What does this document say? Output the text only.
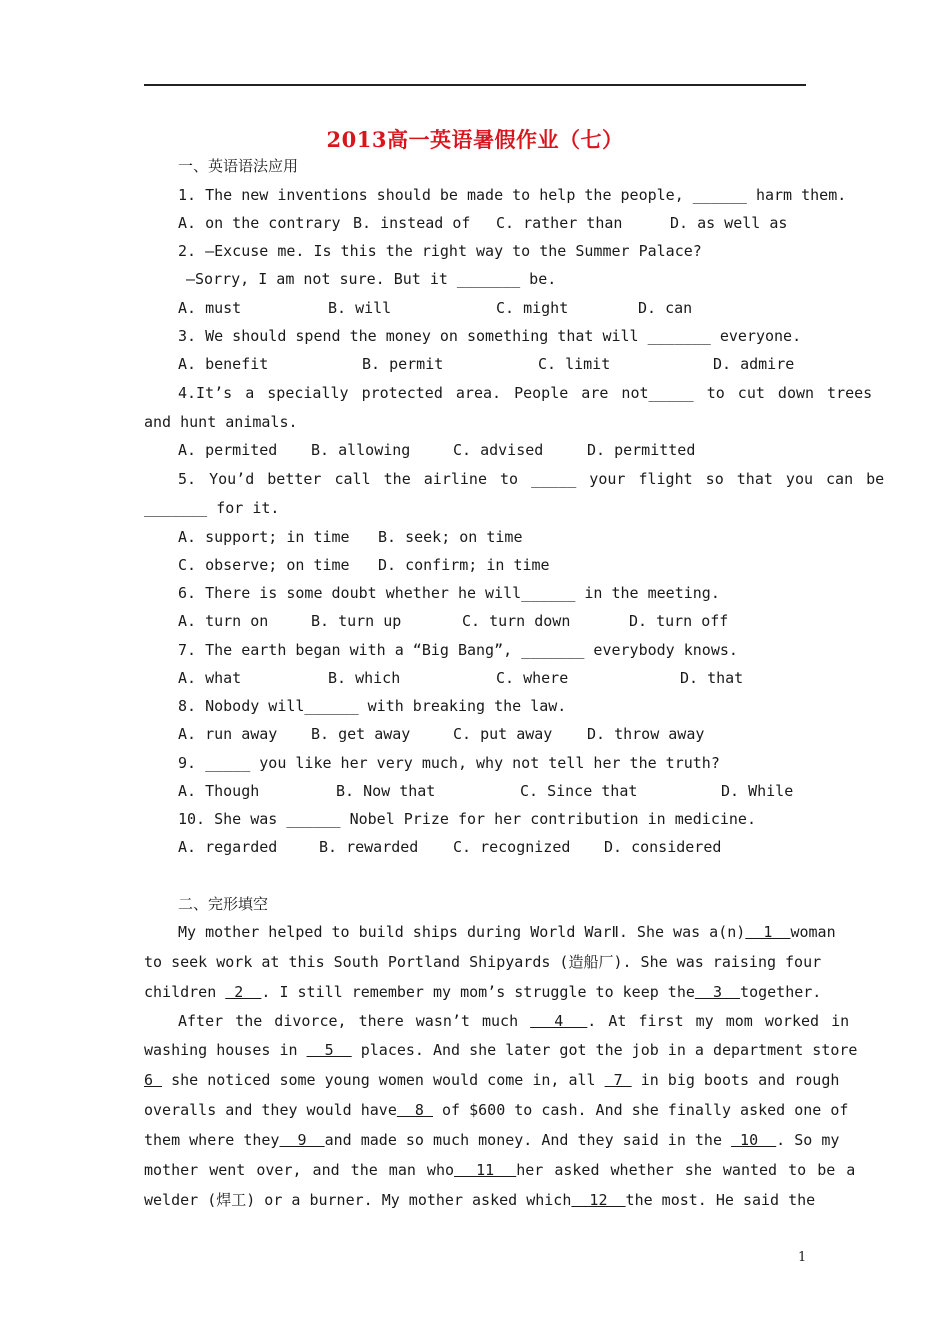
2013高一英语暑假作业（七）
一、英语语法应用
1. The new inventions should be made to help the people, ______ harm them.
A. on the contrary B. instead of C. rather than	D. as well as
2. —Excuse me. Is this the right way to the Summer Palace?
—Sorry, I am not sure. But it _______ be.
A. must	B. will	C. might	D. can
3. We should spend the money on something that will _______ everyone.
A. benefit	B. permit	C. limit	D. admire
4.It’s a specially protected area. People are not_____ to cut down trees
and hunt animals.
A. permited B. allowing	C. advised	D. permitted
5. You’d better call the airline to _____ your flight so that you can be
_______ for it.
A. support; in time B. seek; on time
C. observe; on time D. confirm; in time
6. There is some doubt whether he will______ in the meeting.
A. turn on	B. turn up	C. turn down	D. turn off
7. The earth began with a “Big Bang”, _______ everybody knows.
A. what	B. which	C. where	D. that
8. Nobody will______ with breaking the law.
A. run away B. get away	C. put away D. throw away
9. _____ you like her very much, why not tell her the truth?
A. Though	B. Now that	C. Since that	D. While
10. She was ______ Nobel Prize for her contribution in medicine.
A. regarded	B. rewarded C. recognized D. considered
二、完形填空
My mother helped to build ships during World WarⅡ. She was a(n)  1  woman
to seek work at this South Portland Shipyards (造船厂). She was raising four
children  2  . I still remember my mom’s struggle to keep the  3  together.
After the divorce, there wasn’t much   4  . At first my mom worked in
washing houses in   5   places. And she later got the job in a department store
6  she noticed some young women would come in, all  7  in big boots and rough
overalls and they would have  8  of $600 to cash. And she finally asked one of
them where they  9  and made so much money. And they said in the  10  . So my
mother went over, and the man who  11  her asked whether she wanted to be a
welder (焊工) or a burner. My mother asked which  12  the most. He said the
1
